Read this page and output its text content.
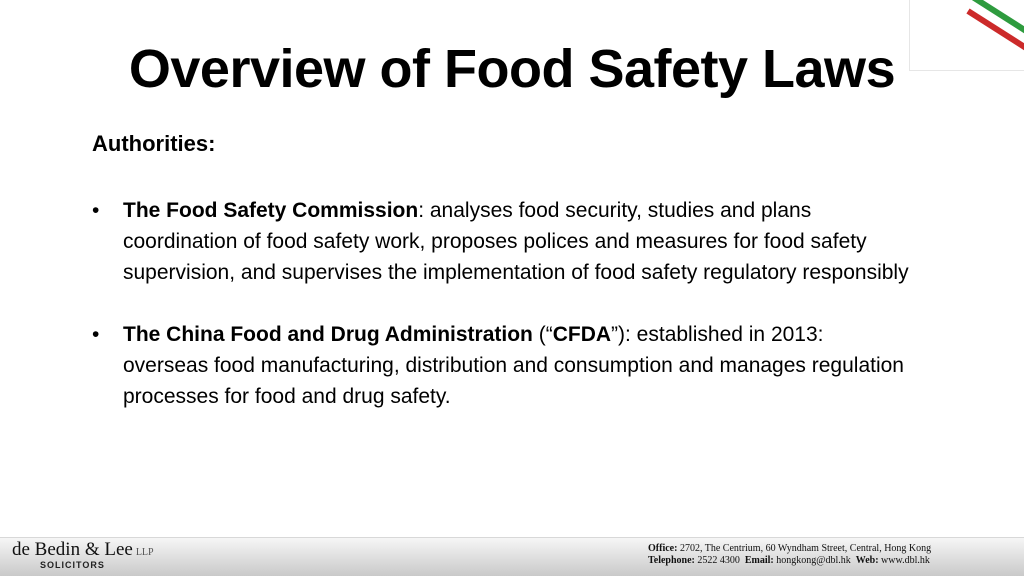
Overview of Food Safety Laws
Authorities:
• The Food Safety Commission: analyses food security, studies and plans coordination of food safety work, proposes polices and measures for food safety supervision, and supervises the implementation of food safety regulatory responsibly
• The China Food and Drug Administration (“CFDA”): established in 2013: overseas food manufacturing, distribution and consumption and manages regulation processes for food and drug safety.
de Bedin & Lee LLP
SOLICITORS
Office: 2702, The Centrium, 60 Wyndham Street, Central, Hong Kong
Telephone: 2522 4300 Email: hongkong@dbl.hk Web: www.dbl.hk
